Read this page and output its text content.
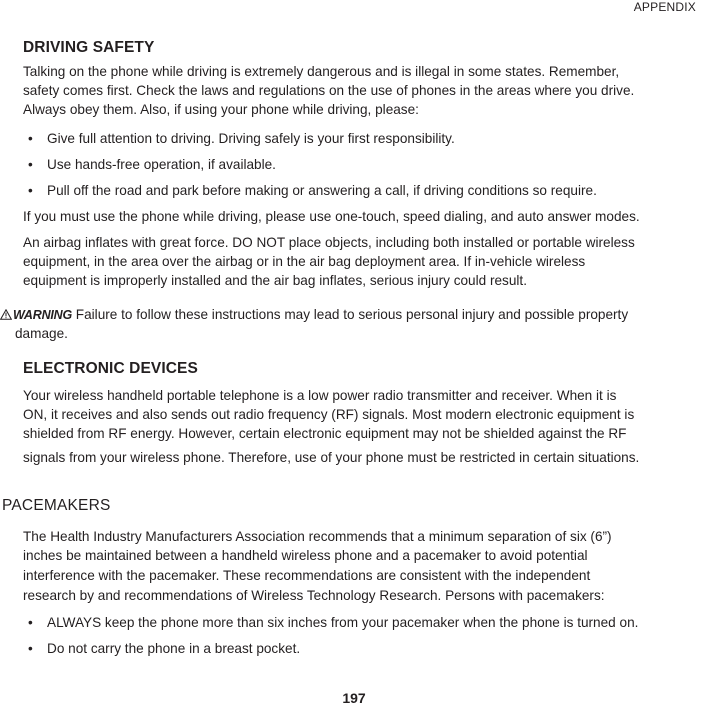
APPENDIX
DRIVING SAFETY
Talking on the phone while driving is extremely dangerous and is illegal in some states. Remember,
safety comes first. Check the laws and regulations on the use of phones in the areas where you drive.
Always obey them. Also, if using your phone while driving, please:
• Give full attention to driving. Driving safely is your first responsibility.
• Use hands-free operation, if available.
• Pull off the road and park before making or answering a call, if driving conditions so require.
If you must use the phone while driving, please use one-touch, speed dialing, and auto answer modes.
An airbag inflates with great force. DO NOT place objects, including both installed or portable wireless
equipment, in the area over the airbag or in the air bag deployment area. If in-vehicle wireless
equipment is improperly installed and the air bag inflates, serious injury could result.
WARNING Failure to follow these instructions may lead to serious personal injury and possible property
damage.
ELECTRONIC DEVICES
Your wireless handheld portable telephone is a low power radio transmitter and receiver. When it is
ON, it receives and also sends out radio frequency (RF) signals. Most modern electronic equipment is
shielded from RF energy. However, certain electronic equipment may not be shielded against the RF
signals from your wireless phone. Therefore, use of your phone must be restricted in certain situations.
PACEMAKERS
The Health Industry Manufacturers Association recommends that a minimum separation of six (6”)
inches be maintained between a handheld wireless phone and a pacemaker to avoid potential
interference with the pacemaker. These recommendations are consistent with the independent
research by and recommendations of Wireless Technology Research. Persons with pacemakers:
• ALWAYS keep the phone more than six inches from your pacemaker when the phone is turned on.
• Do not carry the phone in a breast pocket.
197
